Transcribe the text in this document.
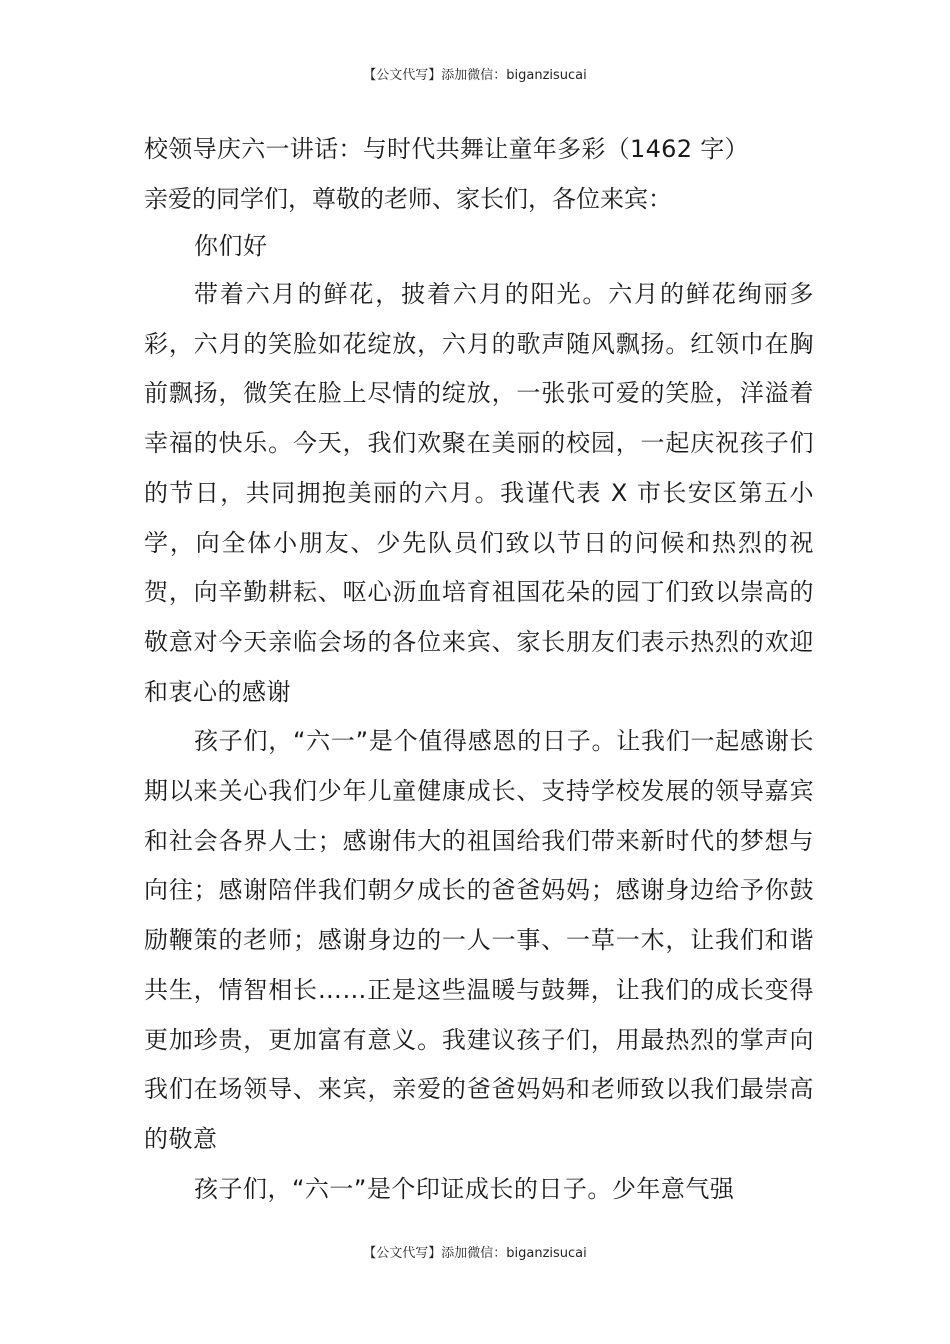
【公文代写】添加微信：biganzisucai
校领导庆六一讲话：与时代共舞让童年多彩（1462 字）

亲爱的同学们，尊敬的老师、家长们，各位来宾：

你们好

带着六月的鲜花，披着六月的阳光。六月的鲜花绚丽多彩，六月的笑脸如花绽放，六月的歌声随风飘扬。红领巾在胸前飘扬，微笑在脸上尽情的绽放，一张张可爱的笑脸，洋溢着幸福的快乐。今天，我们欢聚在美丽的校园，一起庆祝孩子们的节日，共同拥抱美丽的六月。我谨代表 X 市长安区第五小学，向全体小朋友、少先队员们致以节日的问候和热烈的祝贺，向辛勤耕耘、呕心沥血培育祖国花朵的园丁们致以崇高的敬意对今天亲临会场的各位来宾、家长朋友们表示热烈的欢迎和衷心的感谢

孩子们，“六一”是个值得感恩的日子。让我们一起感谢长期以来关心我们少年儿童健康成长、支持学校发展的领导嘉宾和社会各界人士；感谢伟大的祖国给我们带来新时代的梦想与向往；感谢陪伴我们朝夕成长的爸爸妈妈；感谢身边给予你鼓励鞭策的老师；感谢身边的一人一事、一草一木，让我们和谐共生，情智相长……正是这些温暖与鼓舞，让我们的成长变得更加珍贵，更加富有意义。我建议孩子们，用最热烈的掌声向我们在场领导、来宾，亲爱的爸爸妈妈和老师致以我们最崇高的敬意

孩子们，“六一”是个印证成长的日子。少年意气强

【公文代写】添加微信：biganzisucai
